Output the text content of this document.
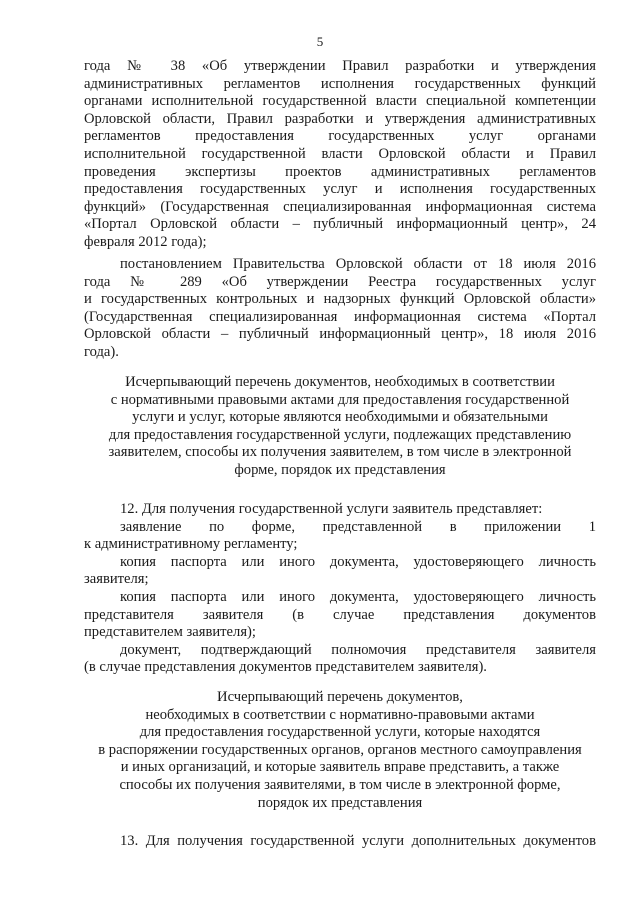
5
года № 38 «Об утверждении Правил разработки и утверждения
административных регламентов исполнения государственных функций
органами исполнительной государственной власти специальной компетенции
Орловской области, Правил разработки и утверждения административных
регламентов предоставления государственных услуг органами
исполнительной государственной власти Орловской области и Правил
проведения экспертизы проектов административных регламентов
предоставления государственных услуг и исполнения государственных
функций» (Государственная специализированная информационная система
«Портал Орловской области – публичный информационный центр», 24
февраля 2012 года);
постановлением Правительства Орловской области от 18 июля 2016
года № 289 «Об утверждении Реестра государственных услуг
и государственных контрольных и надзорных функций Орловской области»
(Государственная специализированная информационная система «Портал
Орловской области – публичный информационный центр», 18 июля 2016
года).
Исчерпывающий перечень документов, необходимых в соответствии
с нормативными правовыми актами для предоставления государственной
услуги и услуг, которые являются необходимыми и обязательными
для предоставления государственной услуги, подлежащих представлению
заявителем, способы их получения заявителем, в том числе в электронной
форме, порядок их представления
12. Для получения государственной услуги заявитель представляет:
заявление по форме, представленной в приложении 1
к административному регламенту;
копия паспорта или иного документа, удостоверяющего личность
заявителя;
копия паспорта или иного документа, удостоверяющего личность
представителя заявителя (в случае представления документов
представителем заявителя);
документ, подтверждающий полномочия представителя заявителя
(в случае представления документов представителем заявителя).
Исчерпывающий перечень документов,
необходимых в соответствии с нормативно-правовыми актами
для предоставления государственной услуги, которые находятся
в распоряжении государственных органов, органов местного самоуправления
и иных организаций, и которые заявитель вправе представить, а также
способы их получения заявителями, в том числе в электронной форме,
порядок их представления
13. Для получения государственной услуги дополнительных документов
